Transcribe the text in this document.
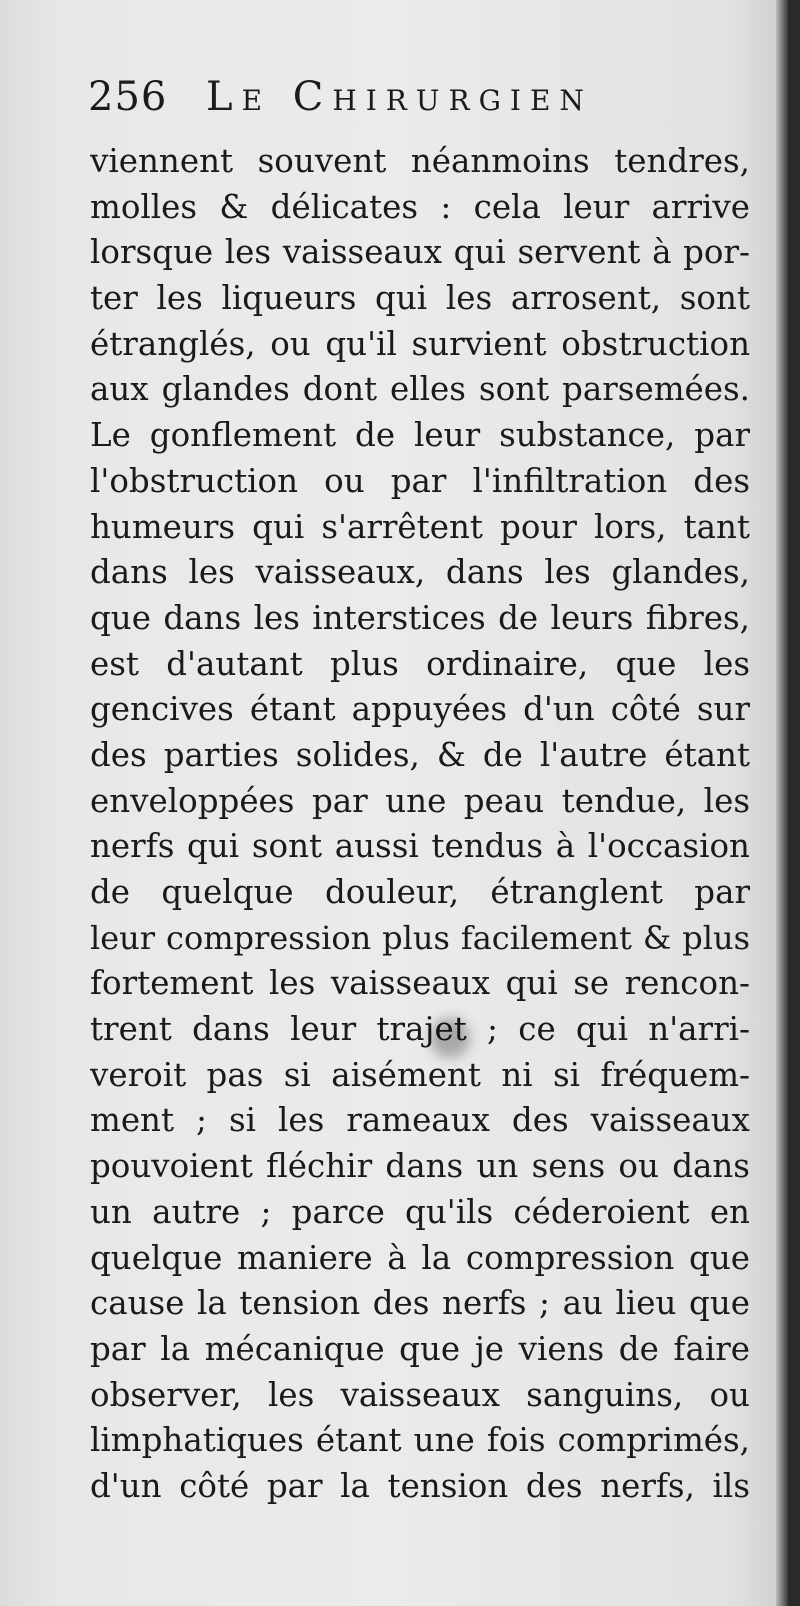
256 Le Chirurgien
viennent souvent néanmoins tendres,
molles & délicates : cela leur arrive
lorsque les vaisseaux qui servent à por-
ter les liqueurs qui les arrosent, sont
étranglés, ou qu'il survient obstruction
aux glandes dont elles sont parsemées.
Le gonflement de leur substance, par
l'obstruction ou par l'infiltration des
humeurs qui s'arrêtent pour lors, tant
dans les vaisseaux, dans les glandes,
que dans les interstices de leurs fibres,
est d'autant plus ordinaire, que les
gencives étant appuyées d'un côté sur
des parties solides, & de l'autre étant
enveloppées par une peau tendue, les
nerfs qui sont aussi tendus à l'occasion
de quelque douleur, étranglent par
leur compression plus facilement & plus
fortement les vaisseaux qui se rencon-
trent dans leur trajet ; ce qui n'arri-
veroit pas si aisément ni si fréquem-
ment ; si les rameaux des vaisseaux
pouvoient fléchir dans un sens ou dans
un autre ; parce qu'ils céderoient en
quelque maniere à la compression que
cause la tension des nerfs ; au lieu que
par la mécanique que je viens de faire
observer, les vaisseaux sanguins, ou
limphatiques étant une fois comprimés,
d'un côté par la tension des nerfs, ils
